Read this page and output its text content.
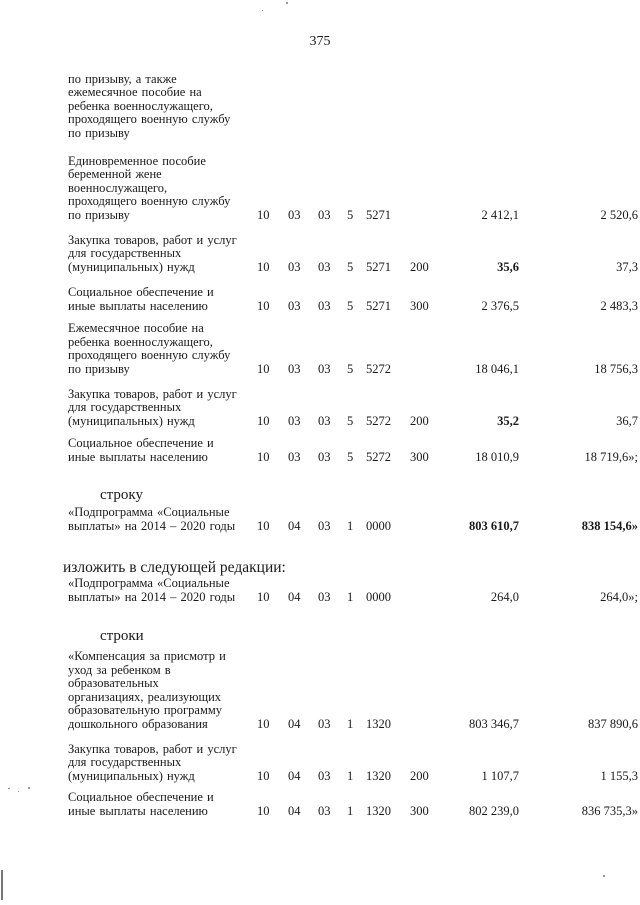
375
по призыву, а также
ежемесячное пособие на
ребенка военнослужащего,
проходящего военную службу
по призыву
Единовременное пособие
беременной жене
военнослужащего,
проходящего военную службу
по призыву	10 03 03 5 5271	2 412,1	2 520,6
Закупка товаров, работ и услуг
для государственных
(муниципальных) нужд	10 03 03 5 5271 200	35,6	37,3
Социальное обеспечение и
иные выплаты населению	10 03 03 5 5271 300	2 376,5	2 483,3
Ежемесячное пособие на
ребенка военнослужащего,
проходящего военную службу
по призыву	10 03 03 5 5272	18 046,1	18 756,3
Закупка товаров, работ и услуг
для государственных
(муниципальных) нужд	10 03 03 5 5272 200	35,2	36,7
Социальное обеспечение и
иные выплаты населению	10 03 03 5 5272 300	18 010,9	18 719,6»;
строку
«Подпрограмма «Социальные
выплаты» на 2014 – 2020 годы	10 04 03 1 0000	803 610,7	838 154,6»
изложить в следующей редакции:
«Подпрограмма «Социальные
выплаты» на 2014 – 2020 годы	10 04 03 1 0000	264,0	264,0»;
строки
«Компенсация за присмотр и
уход за ребенком в
образовательных
организациях, реализующих
образовательную программу
дошкольного образования	10 04 03 1 1320	803 346,7	837 890,6
Закупка товаров, работ и услуг
для государственных
(муниципальных) нужд	10 04 03 1 1320 200	1 107,7	1 155,3
Социальное обеспечение и
иные выплаты населению	10 04 03 1 1320 300	802 239,0	836 735,3»
